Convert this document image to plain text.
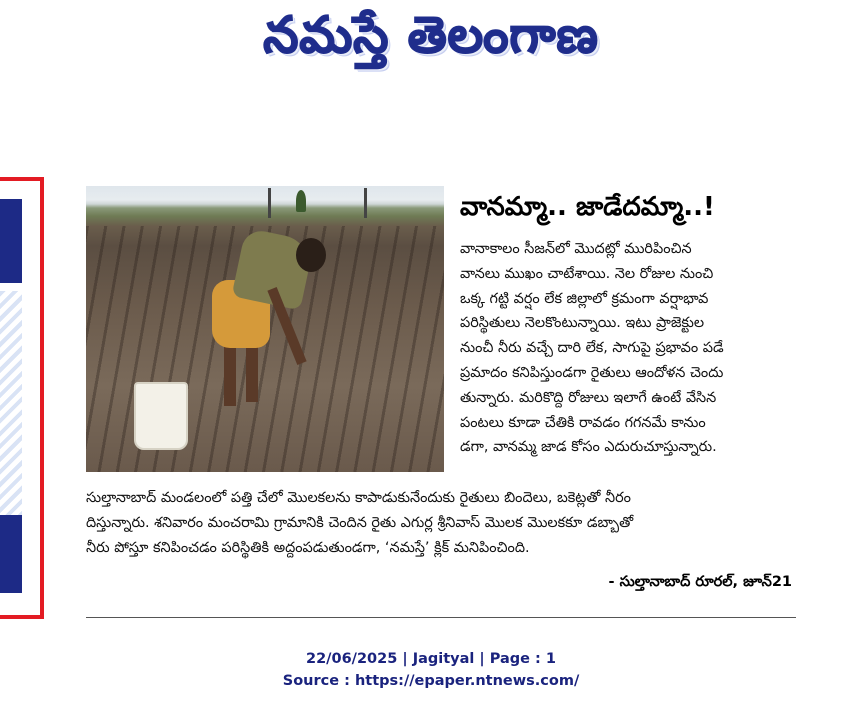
నమస్తే తెలంగాణ
వానమ్మా.. జాడేదమ్మా..!
వానాకాలం సీజన్‌లో మొదట్లో మురిపించిన
వానలు ముఖం చాటేశాయి. నెల రోజుల నుంచి
ఒక్క గట్టి వర్షం లేక జిల్లాలో క్రమంగా వర్షాభావ
పరిస్థితులు నెలకొంటున్నాయి. ఇటు ప్రాజెక్టుల
నుంచీ నీరు వచ్చే దారి లేక, సాగుపై ప్రభావం పడే
ప్రమాదం కనిపిస్తుండగా రైతులు ఆందోళన చెందు
తున్నారు. మరికొద్ది రోజులు ఇలాగే ఉంటే వేసిన
పంటలు కూడా చేతికి రావడం గగనమే కానుం
డగా, వానమ్మ జాడ కోసం ఎదురుచూస్తున్నారు.
సుల్తానాబాద్ మండలంలో పత్తి చేలో మొలకలను కాపాడుకునేందుకు రైతులు బిందెలు, బకెట్లతో నీరం
దిస్తున్నారు. శనివారం మంచరామి గ్రామానికి చెందిన రైతు ఎగుర్ల శ్రీనివాస్ మొలక మొలకకూ డబ్బాతో
నీరు పోస్తూ కనిపించడం పరిస్థితికి అద్దంపడుతుండగా, ‘నమస్తే’ క్లిక్ మనిపించింది.
- సుల్తానాబాద్ రూరల్, జూన్21
22/06/2025 | Jagityal | Page : 1
Source : https://epaper.ntnews.com/
